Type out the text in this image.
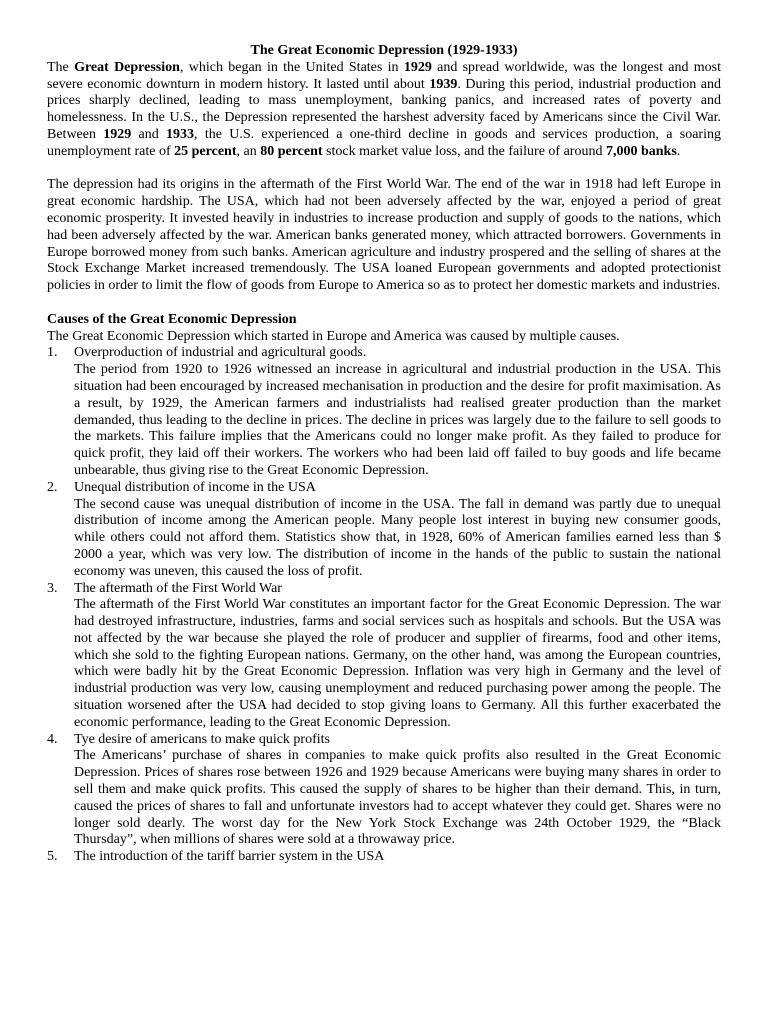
The Great Economic Depression (1929-1933)

The Great Depression, which began in the United States in 1929 and spread worldwide, was the longest and most severe economic downturn in modern history. It lasted until about 1939. During this period, industrial production and prices sharply declined, leading to mass unemployment, banking panics, and increased rates of poverty and homelessness. In the U.S., the Depression represented the harshest adversity faced by Americans since the Civil War. Between 1929 and 1933, the U.S. experienced a one-third decline in goods and services production, a soaring unemployment rate of 25 percent, an 80 percent stock market value loss, and the failure of around 7,000 banks.

The depression had its origins in the aftermath of the First World War. The end of the war in 1918 had left Europe in great economic hardship. The USA, which had not been adversely affected by the war, enjoyed a period of great economic prosperity. It invested heavily in industries to increase production and supply of goods to the nations, which had been adversely affected by the war. American banks generated money, which attracted borrowers. Governments in Europe borrowed money from such banks. American agriculture and industry prospered and the selling of shares at the Stock Exchange Market increased tremendously. The USA loaned European governments and adopted protectionist policies in order to limit the flow of goods from Europe to America so as to protect her domestic markets and industries.

Causes of the Great Economic Depression

The Great Economic Depression which started in Europe and America was caused by multiple causes.

1. Overproduction of industrial and agricultural goods.

The period from 1920 to 1926 witnessed an increase in agricultural and industrial production in the USA. This situation had been encouraged by increased mechanisation in production and the desire for profit maximisation. As a result, by 1929, the American farmers and industrialists had realised greater production than the market demanded, thus leading to the decline in prices. The decline in prices was largely due to the failure to sell goods to the markets. This failure implies that the Americans could no longer make profit. As they failed to produce for quick profit, they laid off their workers. The workers who had been laid off failed to buy goods and life became unbearable, thus giving rise to the Great Economic Depression.

2. Unequal distribution of income in the USA

The second cause was unequal distribution of income in the USA. The fall in demand was partly due to unequal distribution of income among the American people. Many people lost interest in buying new consumer goods, while others could not afford them. Statistics show that, in 1928, 60% of American families earned less than $ 2000 a year, which was very low. The distribution of income in the hands of the public to sustain the national economy was uneven, this caused the loss of profit.

3. The aftermath of the First World War

The aftermath of the First World War constitutes an important factor for the Great Economic Depression. The war had destroyed infrastructure, industries, farms and social services such as hospitals and schools. But the USA was not affected by the war because she played the role of producer and supplier of firearms, food and other items, which she sold to the fighting European nations. Germany, on the other hand, was among the European countries, which were badly hit by the Great Economic Depression. Inflation was very high in Germany and the level of industrial production was very low, causing unemployment and reduced purchasing power among the people. The situation worsened after the USA had decided to stop giving loans to Germany. All this further exacerbated the economic performance, leading to the Great Economic Depression.

4. Tye desire of americans to make quick profits

The Americans’ purchase of shares in companies to make quick profits also resulted in the Great Economic Depression. Prices of shares rose between 1926 and 1929 because Americans were buying many shares in order to sell them and make quick profits. This caused the supply of shares to be higher than their demand. This, in turn, caused the prices of shares to fall and unfortunate investors had to accept whatever they could get. Shares were no longer sold dearly. The worst day for the New York Stock Exchange was 24th October 1929, the “Black Thursday”, when millions of shares were sold at a throwaway price.

5. The introduction of the tariff barrier system in the USA
